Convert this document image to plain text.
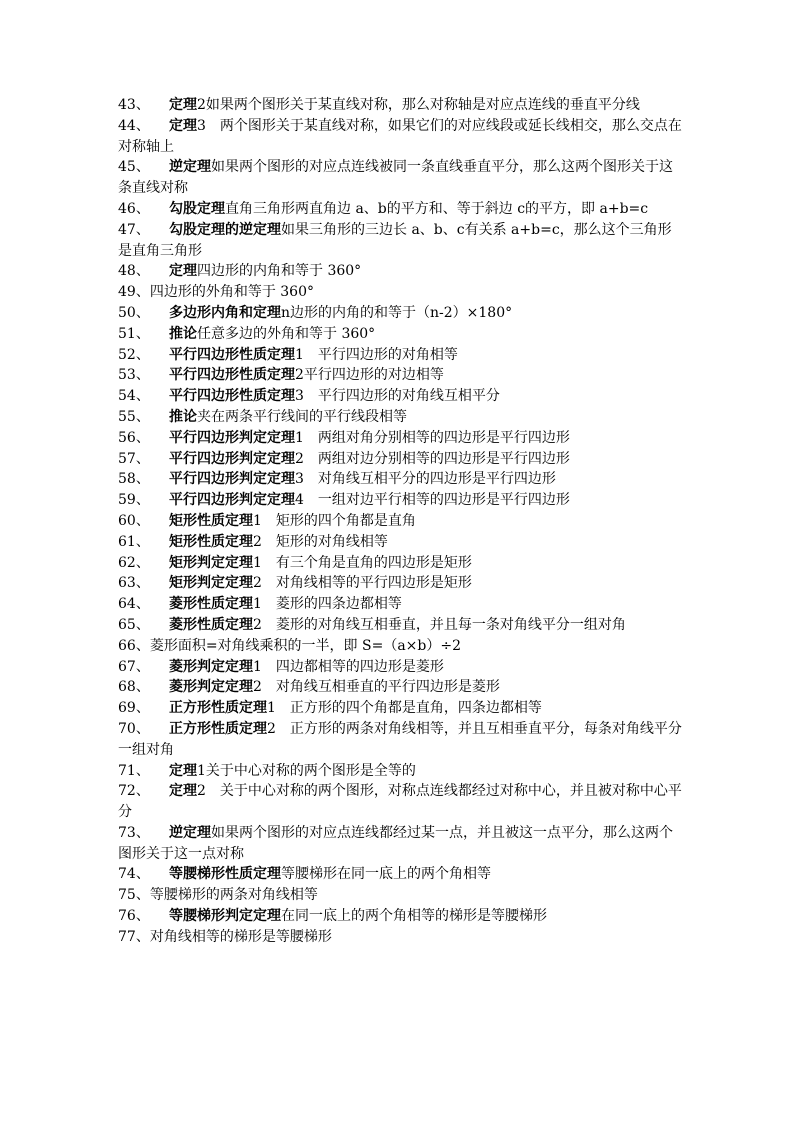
43、 定理2如果两个图形关于某直线对称，那么对称轴是对应点连线的垂直平分线

44、 定理3　两个图形关于某直线对称，如果它们的对应线段或延长线相交，那么交点在对称轴上

45、 逆定理如果两个图形的对应点连线被同一条直线垂直平分，那么这两个图形关于这条直线对称

46、 勾股定理直角三角形两直角边 a、b的平方和、等于斜边 c的平方，即 a+b=c

47、 勾股定理的逆定理如果三角形的三边长 a、b、c有关系 a+b=c，那么这个三角形是直角三角形

48、 定理四边形的内角和等于 360°

49、四边形的外角和等于 360°

50、 多边形内角和定理n边形的内角的和等于（n-2）×180°

51、 推论任意多边的外角和等于 360°

52、 平行四边形性质定理1　平行四边形的对角相等

53、 平行四边形性质定理2平行四边形的对边相等

54、 平行四边形性质定理3　平行四边形的对角线互相平分

55、 推论夹在两条平行线间的平行线段相等

56、 平行四边形判定定理1　两组对角分别相等的四边形是平行四边形

57、 平行四边形判定定理2　两组对边分别相等的四边形是平行四边形

58、 平行四边形判定定理3　对角线互相平分的四边形是平行四边形

59、 平行四边形判定定理4　一组对边平行相等的四边形是平行四边形

60、 矩形性质定理1　矩形的四个角都是直角

61、 矩形性质定理2　矩形的对角线相等

62、 矩形判定定理1　有三个角是直角的四边形是矩形

63、 矩形判定定理2　对角线相等的平行四边形是矩形

64、 菱形性质定理1　菱形的四条边都相等

65、 菱形性质定理2　菱形的对角线互相垂直，并且每一条对角线平分一组对角

66、菱形面积=对角线乘积的一半，即 S=（a×b）÷2

67、 菱形判定定理1　四边都相等的四边形是菱形

68、 菱形判定定理2　对角线互相垂直的平行四边形是菱形

69、 正方形性质定理1　正方形的四个角都是直角，四条边都相等

70、 正方形性质定理2　正方形的两条对角线相等，并且互相垂直平分，每条对角线平分一组对角

71、 定理1关于中心对称的两个图形是全等的

72、 定理2　关于中心对称的两个图形，对称点连线都经过对称中心，并且被对称中心平分

73、 逆定理如果两个图形的对应点连线都经过某一点，并且被这一点平分，那么这两个图形关于这一点对称

74、 等腰梯形性质定理等腰梯形在同一底上的两个角相等

75、等腰梯形的两条对角线相等

76、 等腰梯形判定定理在同一底上的两个角相等的梯形是等腰梯形

77、对角线相等的梯形是等腰梯形
